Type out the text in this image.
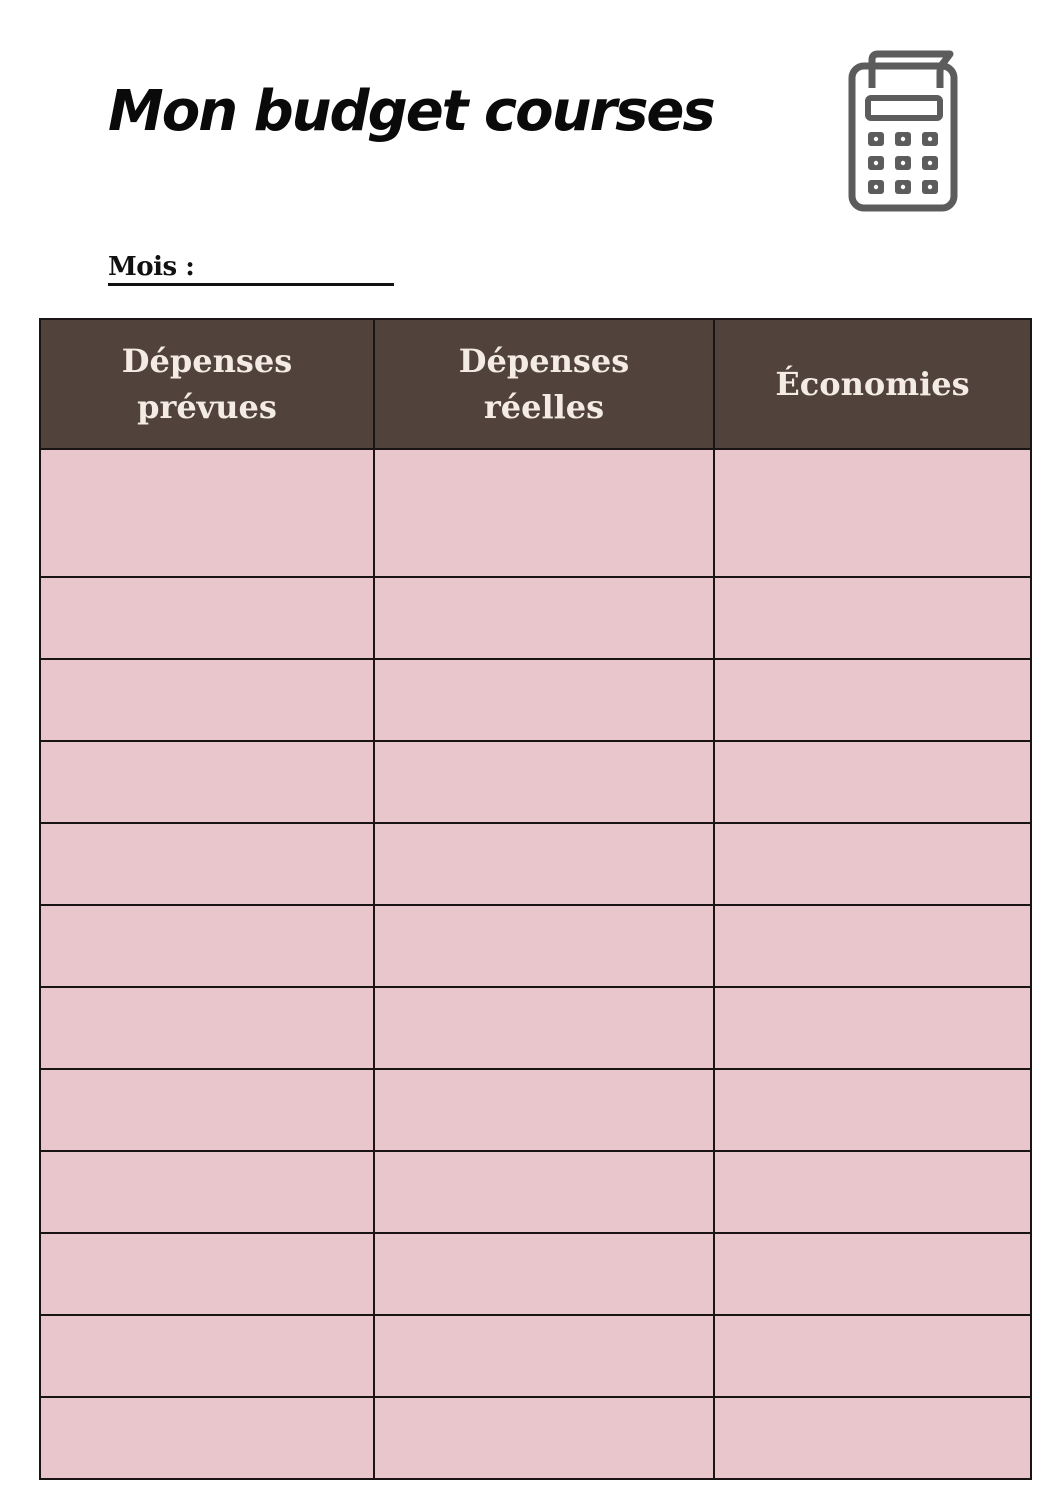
Mon budget courses
Mois :
Dépenses prévues	Dépenses réelles	Économies
